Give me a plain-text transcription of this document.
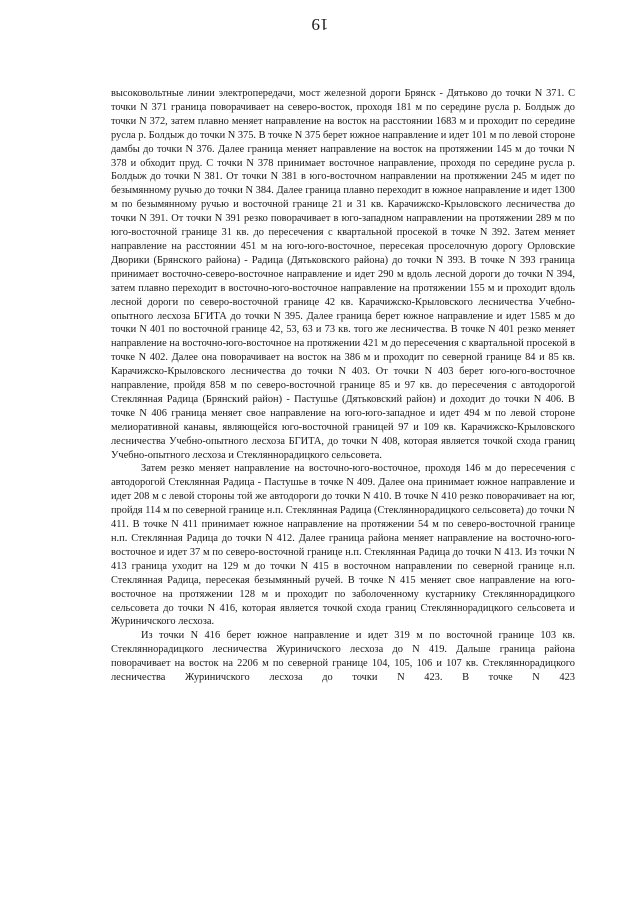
19

высоковольтные линии электропередачи, мост железной дороги Брянск - Дятьково до точки N 371. С точки N 371 граница поворачивает на северо-восток, проходя 181 м по середине русла р. Болдыж до точки N 372, затем плавно меняет направление на восток на расстоянии 1683 м и проходит по середине русла р. Болдыж до точки N 375. В точке N 375 берет южное направление и идет 101 м по левой стороне дамбы до точки N 376. Далее граница меняет направление на восток на протяжении 145 м до точки N 378 и обходит пруд. С точки N 378 принимает восточное направление, проходя по середине русла р. Болдыж до точки N 381. От точки N 381 в юго-восточном направлении на протяжении 245 м идет по безымянному ручью до точки N 384. Далее граница плавно переходит в южное направление и идет 1300 м по безымянному ручью и восточной границе 21 и 31 кв. Карачижско-Крыловского лесничества до точки N 391. От точки N 391 резко поворачивает в юго-западном направлении на протяжении 289 м по юго-восточной границе 31 кв. до пересечения с квартальной просекой в точке N 392. Затем меняет направление на расстоянии 451 м на юго-юго-восточное, пересекая проселочную дорогу Орловские Дворики (Брянского района) - Радица (Дятьковского района) до точки N 393. В точке N 393 граница принимает восточно-северо-восточное направление и идет 290 м вдоль лесной дороги до точки N 394, затем плавно переходит в восточно-юго-восточное направление на протяжении 155 м и проходит вдоль лесной дороги по северо-восточной границе 42 кв. Карачижско-Крыловского лесничества Учебно-опытного лесхоза БГИТА до точки N 395. Далее граница берет южное направление и идет 1585 м до точки N 401 по восточной границе 42, 53, 63 и 73 кв. того же лесничества. В точке N 401 резко меняет направление на восточно-юго-восточное на протяжении 421 м до пересечения с квартальной просекой в точке N 402. Далее она поворачивает на восток на 386 м и проходит по северной границе 84 и 85 кв. Карачижско-Крыловского лесничества до точки N 403. От точки N 403 берет юго-юго-восточное направление, пройдя 858 м по северо-восточной границе 85 и 97 кв. до пересечения с автодорогой Стеклянная Радица (Брянский район) - Пастушье (Дятьковский район) и доходит до точки N 406. В точке N 406 граница меняет свое направление на юго-юго-западное и идет 494 м по левой стороне мелиоративной канавы, являющейся юго-восточной границей 97 и 109 кв. Карачижско-Крыловского лесничества Учебно-опытного лесхоза БГИТА, до точки N 408, которая является точкой схода границ Учебно-опытного лесхоза и Стекляннорадицкого сельсовета.

Затем резко меняет направление на восточно-юго-восточное, проходя 146 м до пересечения с автодорогой Стеклянная Радица - Пастушье в точке N 409. Далее она принимает южное направление и идет 208 м с левой стороны той же автодороги до точки N 410. В точке N 410 резко поворачивает на юг, пройдя 114 м по северной границе н.п. Стеклянная Радица (Стекляннорадицкого сельсовета) до точки N 411. В точке N 411 принимает южное направление на протяжении 54 м по северо-восточной границе н.п. Стеклянная Радица до точки N 412. Далее граница района меняет направление на восточно-юго-восточное и идет 37 м по северо-восточной границе н.п. Стеклянная Радица до точки N 413. Из точки N 413 граница уходит на 129 м до точки N 415 в восточном направлении по северной границе н.п. Стеклянная Радица, пересекая безымянный ручей. В точке N 415 меняет свое направление на юго-восточное на протяжении 128 м и проходит по заболоченному кустарнику Стекляннорадицкого сельсовета до точки N 416, которая является точкой схода границ Стекляннорадицкого сельсовета и Журиничского лесхоза.

Из точки N 416 берет южное направление и идет 319 м по восточной границе 103 кв. Стекляннорадицкого лесничества Журиничского лесхоза до N 419. Дальше граница района поворачивает на восток на 2206 м по северной границе 104, 105, 106 и 107 кв. Стекляннорадицкого лесничества Журиничского лесхоза до точки N 423. В точке N 423
